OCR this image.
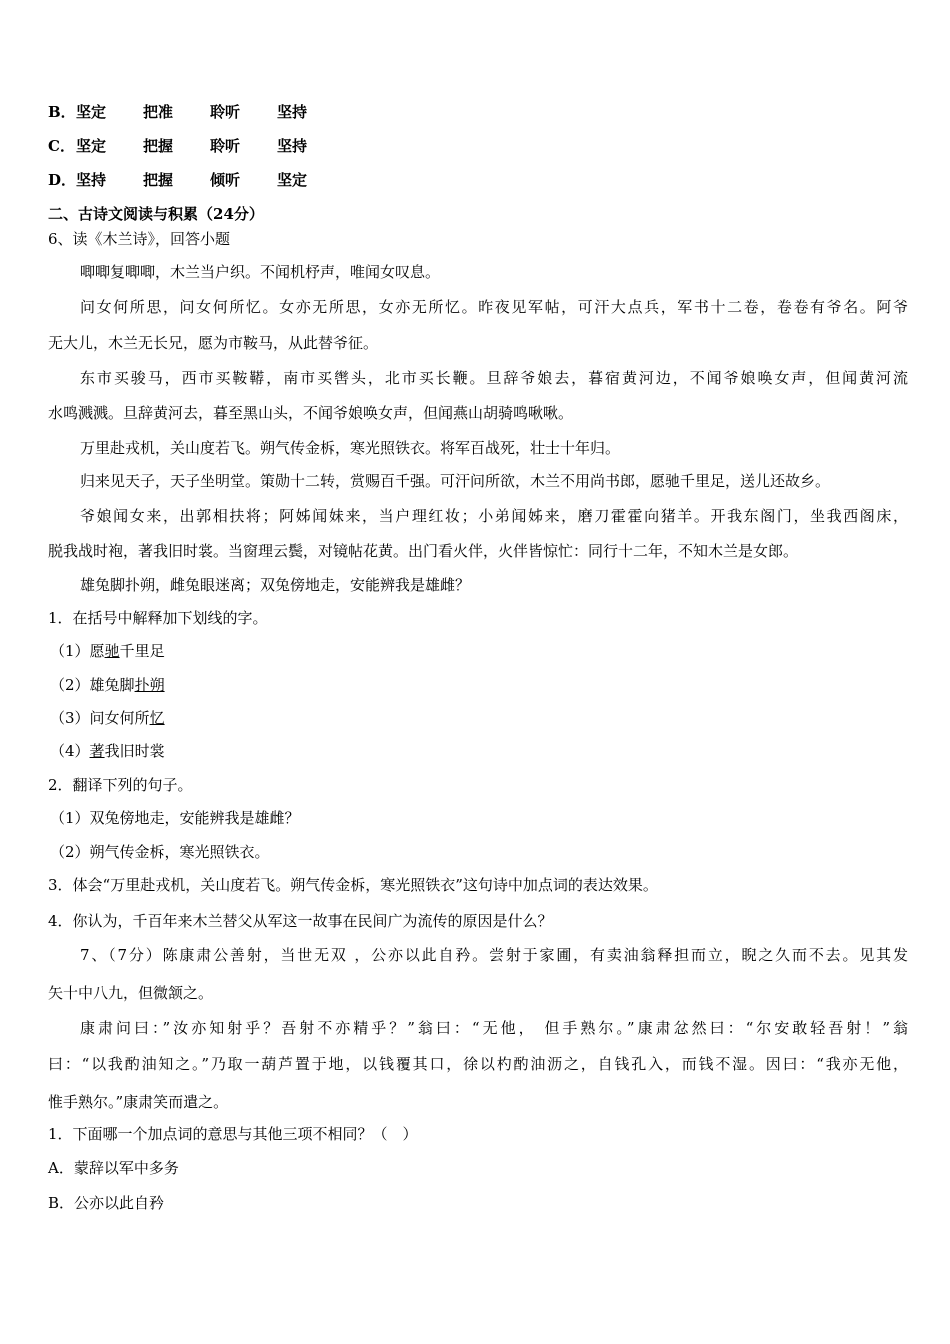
B．坚定 把准 聆听 坚持
C．坚定 把握 聆听 坚持
D．坚持 把握 倾听 坚定
二、古诗文阅读与积累（24分）
6、读《木兰诗》，回答小题
唧唧复唧唧，木兰当户织。不闻机杼声，唯闻女叹息。
问女何所思，问女何所忆。女亦无所思，女亦无所忆。昨夜见军帖，可汗大点兵，军书十二卷，卷卷有爷名。阿爷
无大儿，木兰无长兄，愿为市鞍马，从此替爷征。
东市买骏马，西市买鞍鞯，南市买辔头，北市买长鞭。旦辞爷娘去，暮宿黄河边，不闻爷娘唤女声，但闻黄河流
水鸣溅溅。旦辞黄河去，暮至黑山头，不闻爷娘唤女声，但闻燕山胡骑鸣啾啾。
万里赴戎机，关山度若飞。朔气传金柝，寒光照铁衣。将军百战死，壮士十年归。
归来见天子，天子坐明堂。策勋十二转，赏赐百千强。可汗问所欲，木兰不用尚书郎，愿驰千里足，送儿还故乡。
爷娘闻女来，出郭相扶将；阿姊闻妹来，当户理红妆；小弟闻姊来，磨刀霍霍向猪羊。开我东阁门，坐我西阁床，
脱我战时袍，著我旧时裳。当窗理云鬓，对镜帖花黄。出门看火伴，火伴皆惊忙：同行十二年，不知木兰是女郎。
雄兔脚扑朔，雌兔眼迷离；双兔傍地走，安能辨我是雄雌？
1．在括号中解释加下划线的字。
（1）愿驰千里足
（2）雄兔脚扑朔
（3）问女何所忆
（4）著我旧时裳
2．翻译下列的句子。
（1）双兔傍地走，安能辨我是雄雌？
（2）朔气传金柝，寒光照铁衣。
3．体会“万里赴戎机，关山度若飞。朔气传金柝，寒光照铁衣”这句诗中加点词的表达效果。
4．你认为，千百年来木兰替父从军这一故事在民间广为流传的原因是什么？
7、（7分）陈康肃公善射，当世无双 ，公亦以此自矜。尝射于家圃，有卖油翁释担而立，睨之久而不去。见其发
矢十中八九，但微颔之。
康肃问曰：”汝亦知射乎？吾射不亦精乎？”翁曰：“无他， 但手熟尔。”康肃忿然曰：“尔安敢轻吾射！”翁
曰：“以我酌油知之。”乃取一葫芦置于地，以钱覆其口，徐以杓酌油沥之，自钱孔入，而钱不湿。因曰：“我亦无他，
惟手熟尔。”康肃笑而遣之。
1．下面哪一个加点词的意思与其他三项不相同？（　）
A．蒙辞以军中多务
B．公亦以此自矜
